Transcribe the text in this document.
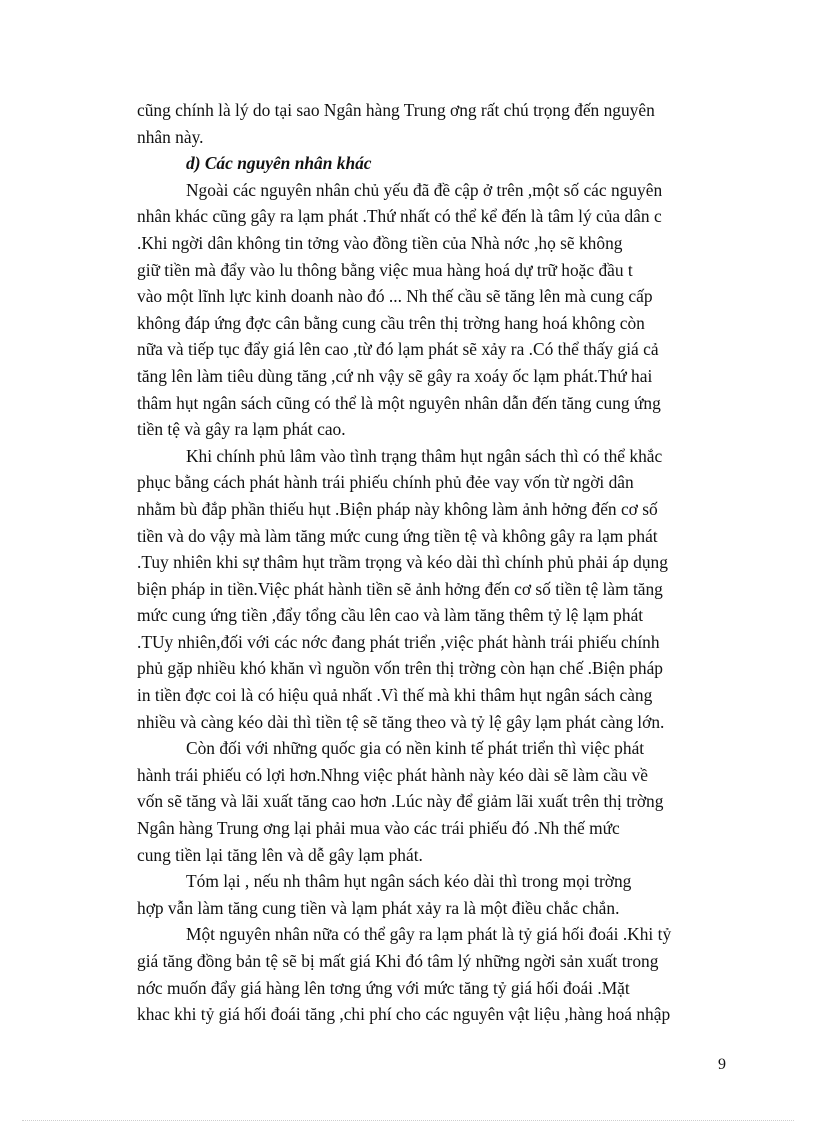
cũng chính là lý do tại sao Ngân hàng Trung ơng rất chú trọng đến nguyên
nhân này.
d) Các nguyên nhân khác
Ngoài các nguyên nhân chủ yếu đã đề cập ở trên ,một số các nguyên
nhân khác cũng gây ra lạm phát .Thứ nhất có thể kể đến là tâm lý của dân c
.Khi ngời dân không tin tởng vào đồng tiền của Nhà nớc ,họ sẽ không
giữ tiền mà đẩy vào lu thông bằng việc mua hàng hoá dự trữ hoặc đầu t
vào một lĩnh lực kinh doanh nào đó ... Nh thế cầu sẽ tăng lên mà cung cấp
không đáp ứng đợc cân bằng cung cầu trên thị trờng hang hoá không còn
nữa và tiếp tục đẩy giá lên cao ,từ đó lạm phát sẽ xảy ra .Có thể thấy giá cả
tăng lên làm tiêu dùng tăng ,cứ nh vậy sẽ gây ra xoáy ốc lạm phát.Thứ hai
thâm hụt ngân sách cũng có thể là một nguyên nhân dẫn đến tăng cung ứng
tiền tệ và gây ra lạm phát cao.
Khi chính phủ lâm vào tình trạng thâm hụt ngân sách thì có thể khắc
phục bằng cách phát hành trái phiếu chính phủ đẻe vay vốn từ ngời dân
nhằm bù đắp phần thiếu hụt .Biện pháp này không làm ảnh hởng đến cơ số
tiền và do vậy mà làm tăng mức cung ứng tiền tệ và không gây ra lạm phát
.Tuy nhiên khi sự thâm hụt trầm trọng và kéo dài thì chính phủ phải áp dụng
biện pháp in tiền.Việc phát hành tiền sẽ ảnh hởng đến cơ số tiền tệ làm tăng
mức cung ứng tiền ,đẩy tổng cầu lên cao và làm tăng thêm tỷ lệ lạm phát
.TUy nhiên,đối với các nớc đang phát triển ,việc phát hành trái phiếu chính
phủ gặp nhiều khó khăn vì nguồn vốn trên thị trờng còn hạn chế .Biện pháp
in tiền đợc coi là có hiệu quả nhất .Vì thế mà khi thâm hụt ngân sách càng
nhiều và càng kéo dài thì tiền tệ sẽ tăng theo và tỷ lệ gây lạm phát càng lớn.
Còn đối với những quốc gia có nền kinh tế phát triển thì việc phát
hành trái phiếu có lợi hơn.Nhng việc phát hành này kéo dài sẽ làm cầu về
vốn sẽ tăng và lãi xuất tăng cao hơn .Lúc này để giảm lãi xuất trên thị trờng
Ngân hàng Trung ơng lại phải mua vào các trái phiếu đó .Nh thế mức
cung tiền lại tăng lên và dễ gây lạm phát.
Tóm lại , nếu nh thâm hụt ngân sách kéo dài thì trong mọi trờng
hợp vẫn làm tăng cung tiền và lạm phát xảy ra là một điều chắc chắn.
Một nguyên nhân nữa có thể gây ra lạm phát là tỷ giá hối đoái .Khi tỷ
giá tăng đồng bản tệ sẽ bị mất giá Khi đó tâm lý những ngời sản xuất trong
nớc muốn đẩy giá hàng lên tơng ứng với mức tăng tỷ giá hối đoái .Mặt
khac khi tỷ giá hối đoái tăng ,chi phí cho các nguyên vật liệu ,hàng hoá nhập
9
